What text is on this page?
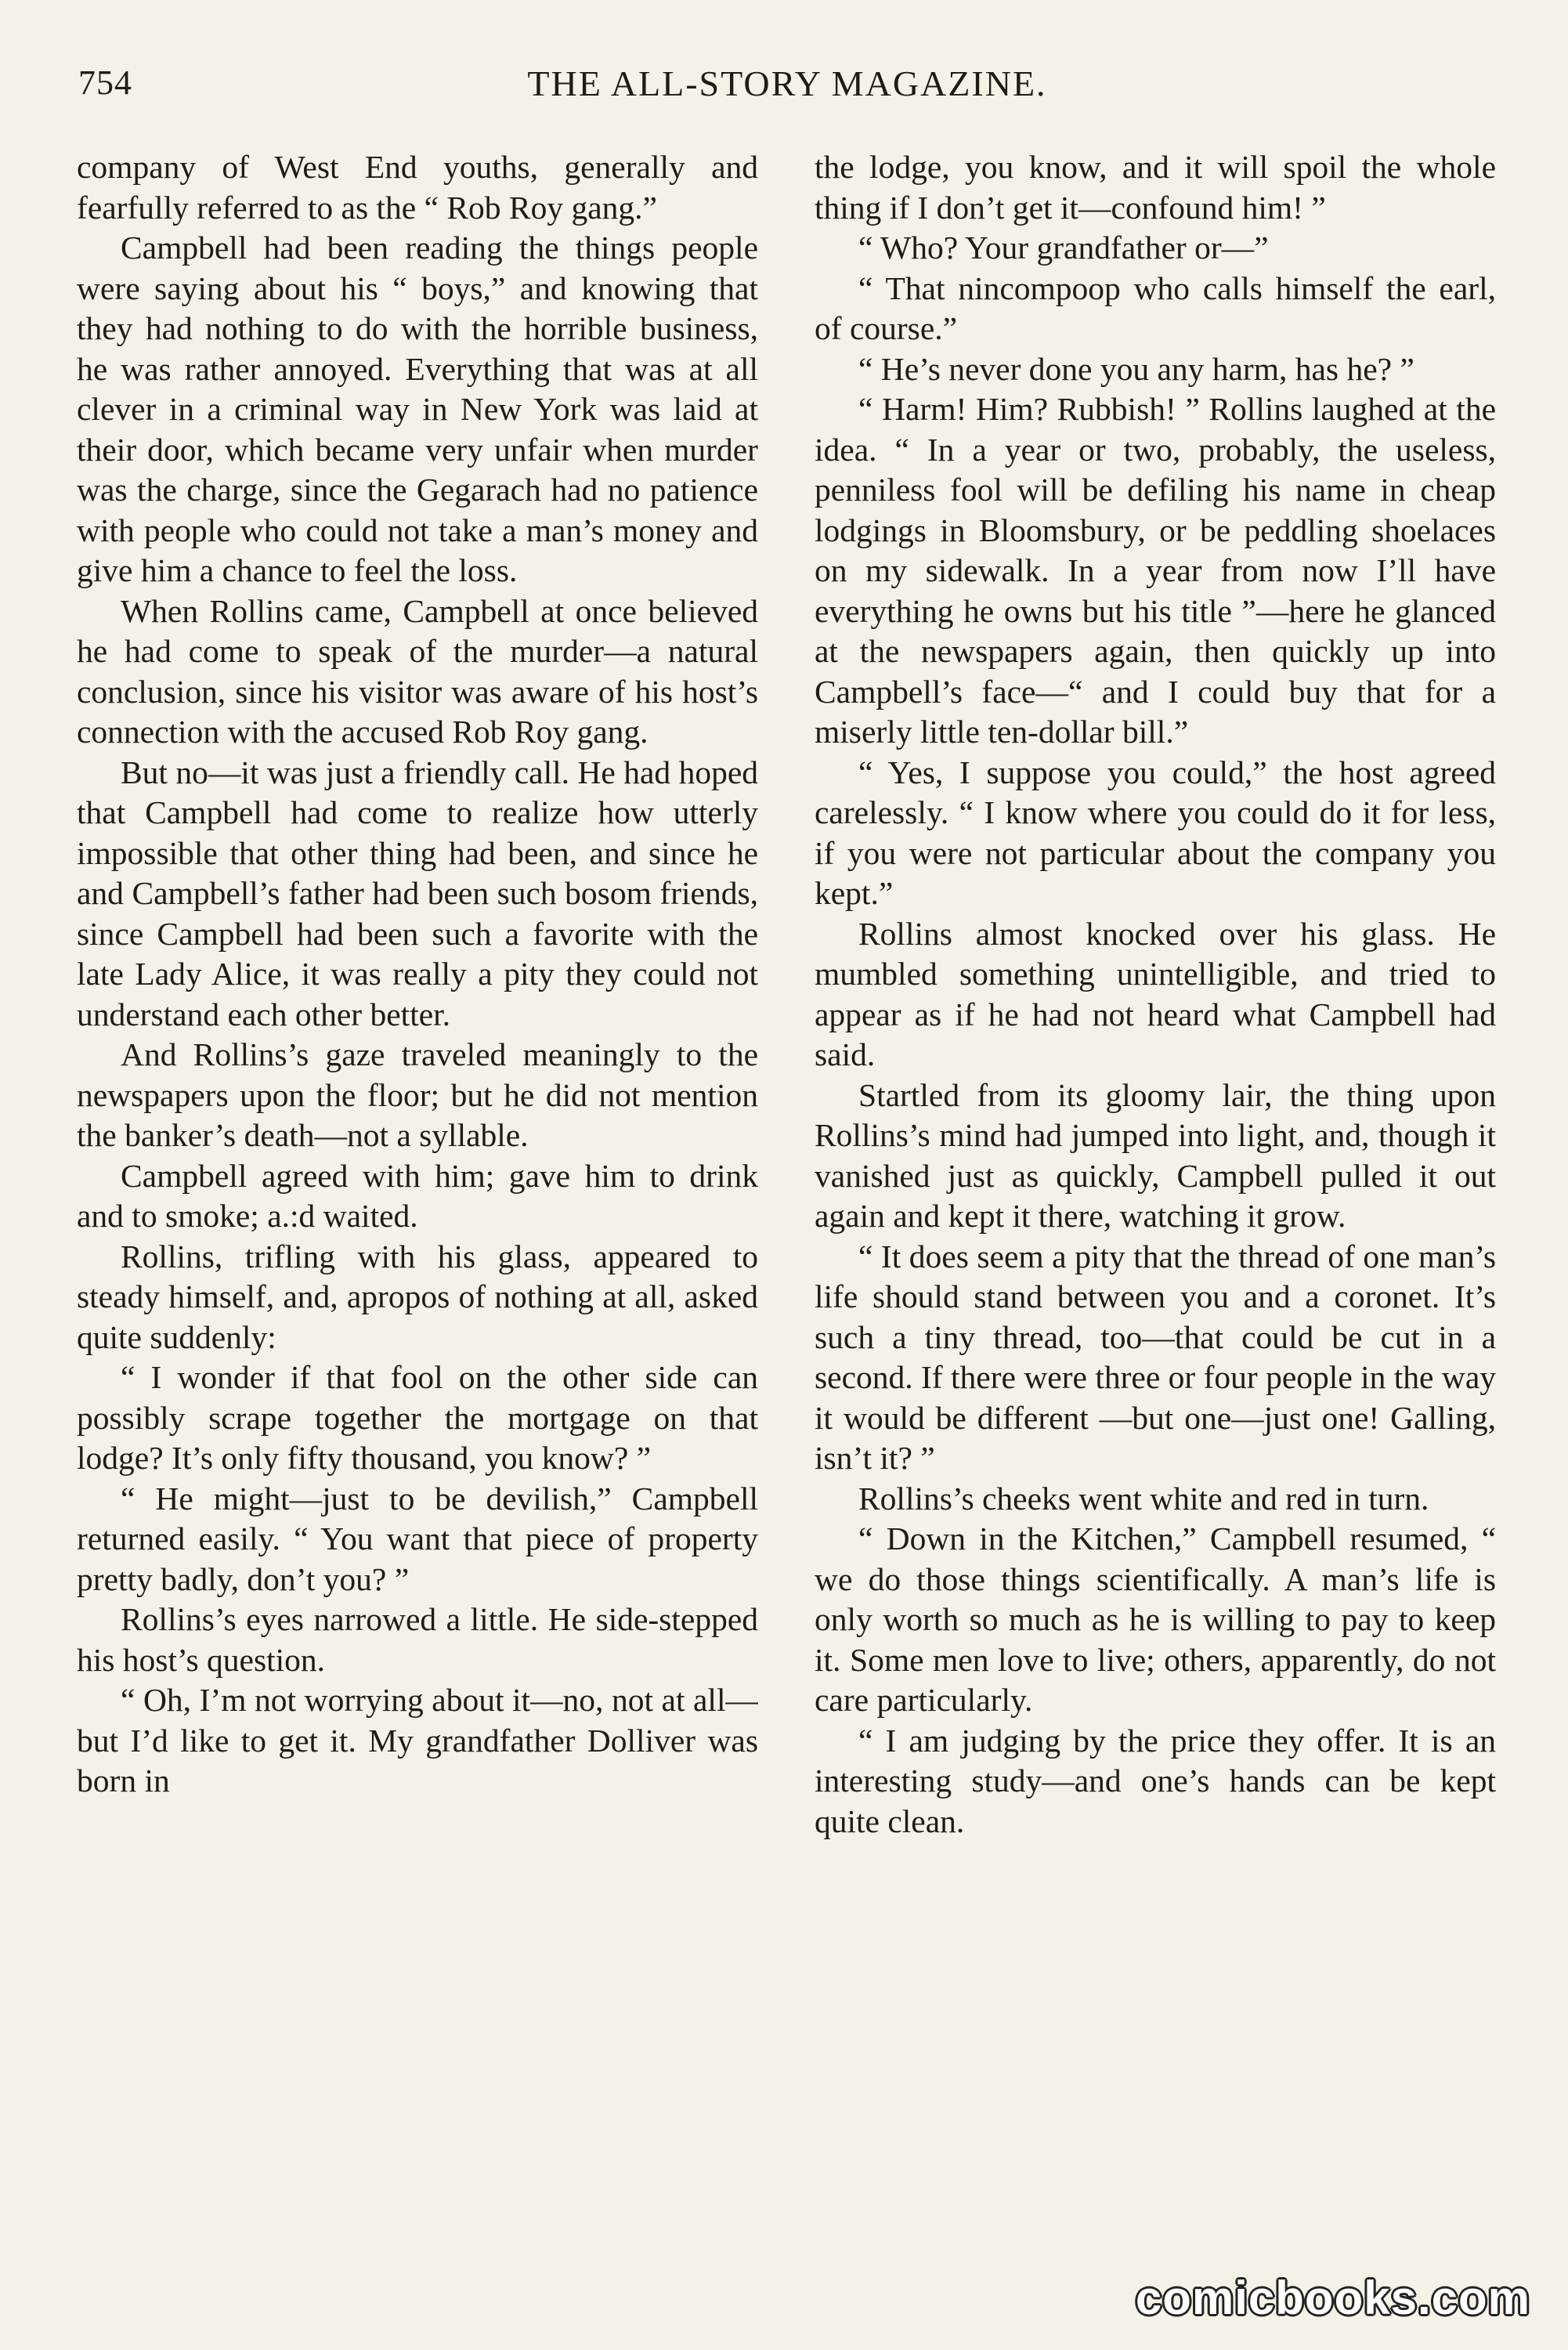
754	THE ALL-STORY MAGAZINE.

company of West End youths, generally and fearfully referred to as the “ Rob Roy gang.”

Campbell had been reading the things people were saying about his “ boys,” and knowing that they had nothing to do with the horrible business, he was rather annoyed. Everything that was at all clever in a criminal way in New York was laid at their door, which became very unfair when murder was the charge, since the Gegarach had no patience with people who could not take a man’s money and give him a chance to feel the loss.

When Rollins came, Campbell at once believed he had come to speak of the murder—a natural conclusion, since his visitor was aware of his host’s connection with the accused Rob Roy gang.

But no—it was just a friendly call. He had hoped that Campbell had come to realize how utterly impossible that other thing had been, and since he and Campbell’s father had been such bosom friends, since Campbell had been such a favorite with the late Lady Alice, it was really a pity they could not understand each other better.

And Rollins’s gaze traveled meaningly to the newspapers upon the floor; but he did not mention the banker’s death—not a syllable.

Campbell agreed with him; gave him to drink and to smoke; a.:d waited.

Rollins, trifling with his glass, appeared to steady himself, and, apropos of nothing at all, asked quite suddenly:

“ I wonder if that fool on the other side can possibly scrape together the mortgage on that lodge? It’s only fifty thousand, you know? ”

“ He might—just to be devilish,” Campbell returned easily. “ You want that piece of property pretty badly, don’t you? ”

Rollins’s eyes narrowed a little. He side-stepped his host’s question.

“ Oh, I’m not worrying about it—no, not at all—but I’d like to get it. My grandfather Dolliver was born in

the lodge, you know, and it will spoil the whole thing if I don’t get it—confound him! ”

“ Who? Your grandfather or—”

“ That nincompoop who calls himself the earl, of course.”

“ He’s never done you any harm, has he? ”

“ Harm! Him? Rubbish! ” Rollins laughed at the idea. “ In a year or two, probably, the useless, penniless fool will be defiling his name in cheap lodgings in Bloomsbury, or be peddling shoelaces on my sidewalk. In a year from now I’ll have everything he owns but his title ”—here he glanced at the newspapers again, then quickly up into Campbell’s face—“ and I could buy that for a miserly little ten-dollar bill.”

“ Yes, I suppose you could,” the host agreed carelessly. “ I know where you could do it for less, if you were not particular about the company you kept.”

Rollins almost knocked over his glass. He mumbled something unintelligible, and tried to appear as if he had not heard what Campbell had said.

Startled from its gloomy lair, the thing upon Rollins’s mind had jumped into light, and, though it vanished just as quickly, Campbell pulled it out again and kept it there, watching it grow.

“ It does seem a pity that the thread of one man’s life should stand between you and a coronet. It’s such a tiny thread, too—that could be cut in a second. If there were three or four people in the way it would be different —but one—just one! Galling, isn’t it? ”

Rollins’s cheeks went white and red in turn.

“ Down in the Kitchen,” Campbell resumed, “ we do those things scientifically. A man’s life is only worth so much as he is willing to pay to keep it. Some men love to live; others, apparently, do not care particularly.

“ I am judging by the price they offer. It is an interesting study—and one’s hands can be kept quite clean.

comicbooks.com
